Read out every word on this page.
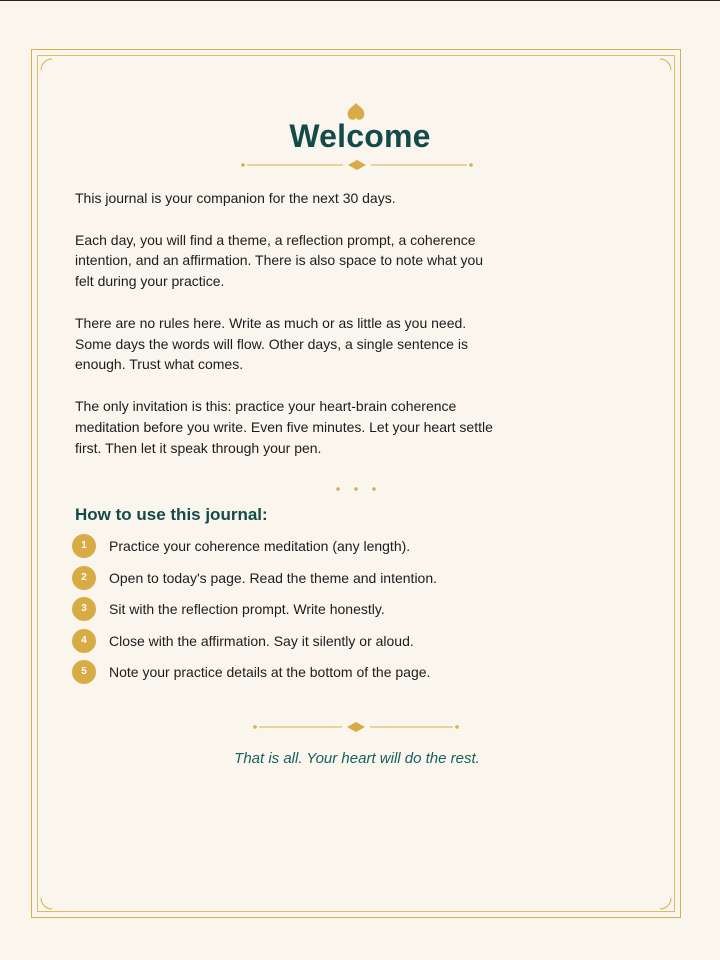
Welcome

This journal is your companion for the next 30 days.

Each day, you will find a theme, a reflection prompt, a coherence intention, and an affirmation. There is also space to note what you felt during your practice.

There are no rules here. Write as much or as little as you need. Some days the words will flow. Other days, a single sentence is enough. Trust what comes.

The only invitation is this: practice your heart-brain coherence meditation before you write. Even five minutes. Let your heart settle first. Then let it speak through your pen.

How to use this journal:
1	Practice your coherence meditation (any length).
2	Open to today's page. Read the theme and intention.
3	Sit with the reflection prompt. Write honestly.
4	Close with the affirmation. Say it silently or aloud.
5	Note your practice details at the bottom of the page.
That is all. Your heart will do the rest.
